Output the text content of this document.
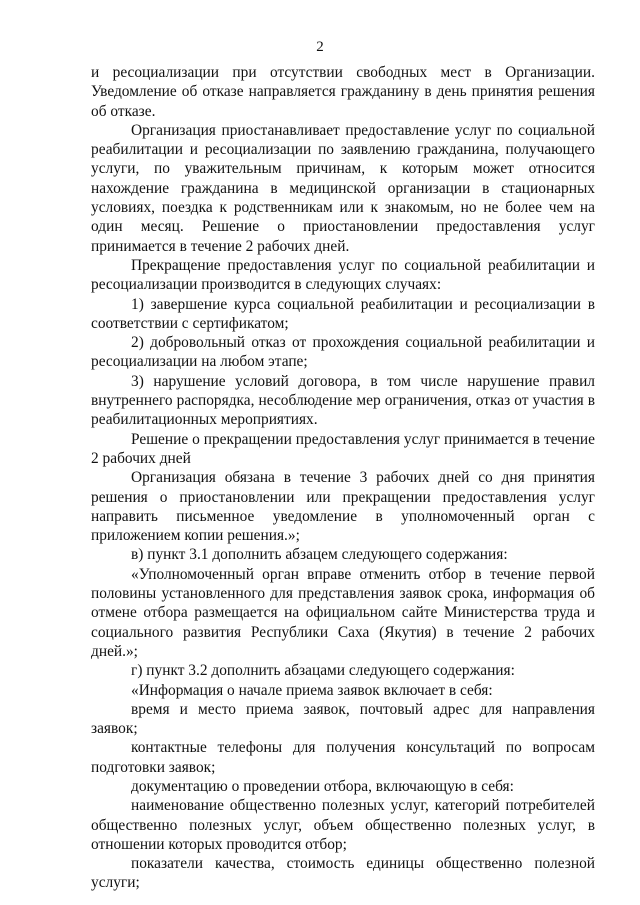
2

и ресоциализации при отсутствии свободных мест в Организации. Уведомление об отказе направляется гражданину в день принятия решения об отказе.

Организация приостанавливает предоставление услуг по социальной реабилитации и ресоциализации по заявлению гражданина, получающего услуги, по уважительным причинам, к которым может относится нахождение гражданина в медицинской организации в стационарных условиях, поездка к родственникам или к знакомым, но не более чем на один месяц. Решение о приостановлении предоставления услуг принимается в течение 2 рабочих дней.

Прекращение предоставления услуг по социальной реабилитации и ресоциализации производится в следующих случаях:

1) завершение курса социальной реабилитации и ресоциализации в соответствии с сертификатом;

2) добровольный отказ от прохождения социальной реабилитации и ресоциализации на любом этапе;

3) нарушение условий договора, в том числе нарушение правил внутреннего распорядка, несоблюдение мер ограничения, отказ от участия в реабилитационных мероприятиях.

Решение о прекращении предоставления услуг принимается в течение 2 рабочих дней

Организация обязана в течение 3 рабочих дней со дня принятия решения о приостановлении или прекращении предоставления услуг направить письменное уведомление в уполномоченный орган с приложением копии решения.»;

в) пункт 3.1 дополнить абзацем следующего содержания:

«Уполномоченный орган вправе отменить отбор в течение первой половины установленного для представления заявок срока, информация об отмене отбора размещается на официальном сайте Министерства труда и социального развития Республики Саха (Якутия) в течение 2 рабочих дней.»;

г) пункт 3.2 дополнить абзацами следующего содержания:

«Информация о начале приема заявок включает в себя:

время и место приема заявок, почтовый адрес для направления заявок;

контактные телефоны для получения консультаций по вопросам подготовки заявок;

документацию о проведении отбора, включающую в себя:

наименование общественно полезных услуг, категорий потребителей общественно полезных услуг, объем общественно полезных услуг, в отношении которых проводится отбор;

показатели качества, стоимость единицы общественно полезной услуги;
